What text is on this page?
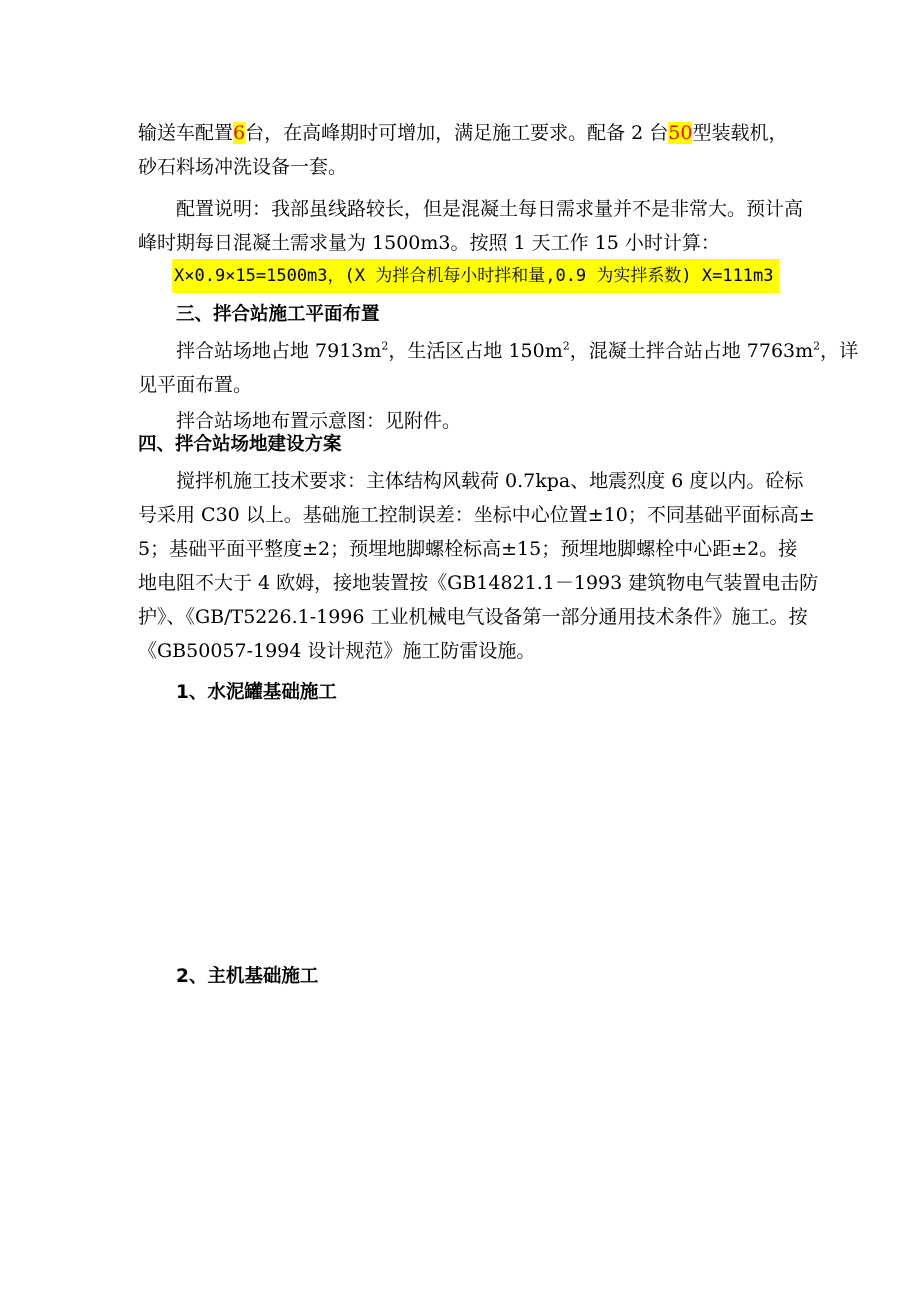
输送车配置6台，在高峰期时可增加，满足施工要求。配备 2 台50型装载机，
砂石料场冲洗设备一套。
配置说明：我部虽线路较长，但是混凝土每日需求量并不是非常大。预计高
峰时期每日混凝土需求量为 1500m3。按照 1 天工作 15 小时计算：
X×0.9×15=1500m3，(X 为拌合机每小时拌和量,0.9 为实拌系数) X=111m3
三、拌合站施工平面布置
拌合站场地占地 $7913m^2$，生活区占地 $150m^2$，混凝土拌合站占地 $7763m^2$，详
见平面布置。
拌合站场地布置示意图：见附件。
四、拌合站场地建设方案
搅拌机施工技术要求：主体结构风载荷 0.7kpa、地震烈度 6 度以内。砼标
号采用 C30 以上。基础施工控制误差：坐标中心位置±10；不同基础平面标高±
5；基础平面平整度±2；预埋地脚螺栓标高±15；预埋地脚螺栓中心距±2。接
地电阻不大于 4 欧姆，接地装置按《GB14821.1－1993 建筑物电气装置电击防
护》、《GB/T5226.1-1996 工业机械电气设备第一部分通用技术条件》施工。按
《GB50057-1994 设计规范》施工防雷设施。
1、水泥罐基础施工
2、主机基础施工
